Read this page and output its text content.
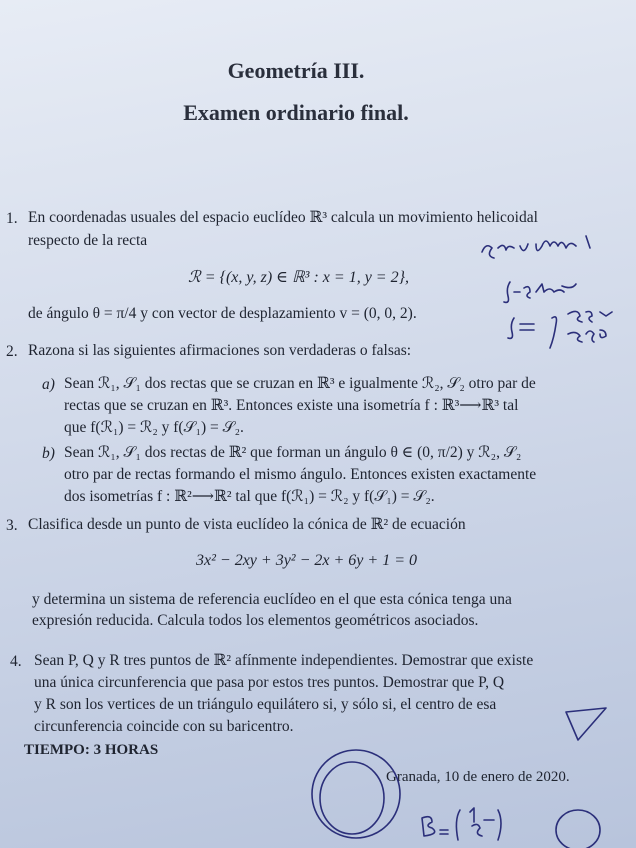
Geometría III.
Examen ordinario final.
1. En coordenadas usuales del espacio euclídeo ℝ³ calcula un movimiento helicoidal
respecto de la recta
ℛ = {(x, y, z) ∈ ℝ³ : x = 1, y = 2},
de ángulo θ = π/4 y con vector de desplazamiento v = (0, 0, 2).
2. Razona si las siguientes afirmaciones son verdaderas o falsas:
a) Sean ℛ₁, 𝒮₁ dos rectas que se cruzan en ℝ³ e igualmente ℛ₂, 𝒮₂ otro par de
rectas que se cruzan en ℝ³. Entonces existe una isometría f : ℝ³⟶ℝ³ tal
que f(ℛ₁) = ℛ₂ y f(𝒮₁) = 𝒮₂.
b) Sean ℛ₁, 𝒮₁ dos rectas de ℝ² que forman un ángulo θ ∈ (0, π/2) y ℛ₂, 𝒮₂
otro par de rectas formando el mismo ángulo. Entonces existen exactamente
dos isometrías f : ℝ²⟶ℝ² tal que f(ℛ₁) = ℛ₂ y f(𝒮₁) = 𝒮₂.
3. Clasifica desde un punto de vista euclídeo la cónica de ℝ² de ecuación
3x² − 2xy + 3y² − 2x + 6y + 1 = 0
y determina un sistema de referencia euclídeo en el que esta cónica tenga una
expresión reducida. Calcula todos los elementos geométricos asociados.
4. Sean P, Q y R tres puntos de ℝ² afínmente independientes. Demostrar que existe
una única circunferencia que pasa por estos tres puntos. Demostrar que P, Q
y R son los vertices de un triángulo equilátero si, y sólo si, el centro de esa
circunferencia coincide con su baricentro.
TIEMPO: 3 HORAS
Granada, 10 de enero de 2020.
